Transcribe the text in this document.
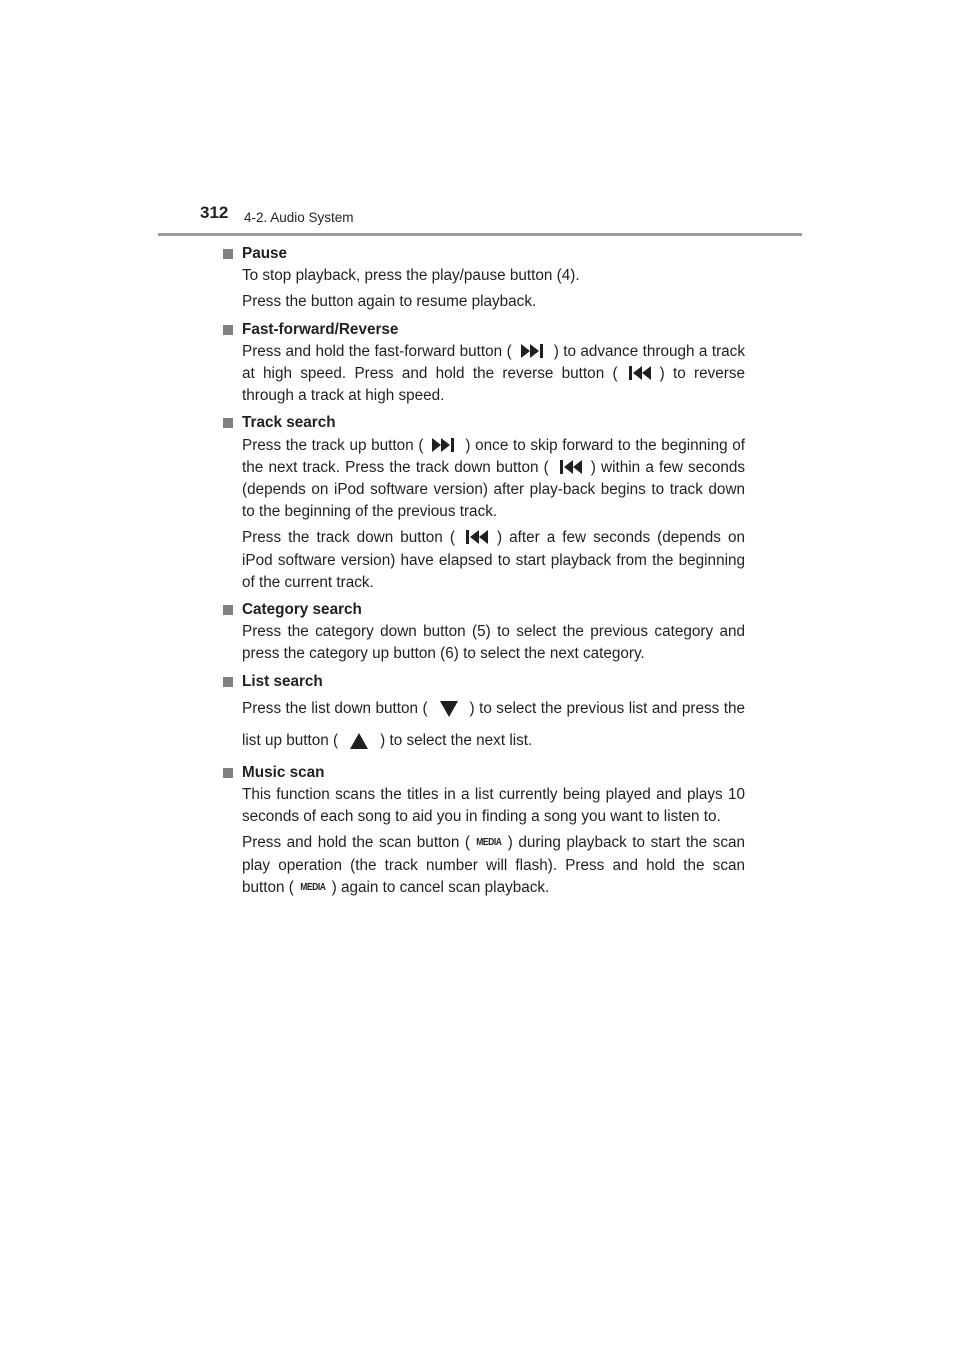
312 4-2. Audio System
Pause
To stop playback, press the play/pause button (4).
Press the button again to resume playback.
Fast-forward/Reverse
Press and hold the fast-forward button (	) to advance through a track at high speed. Press and hold the reverse button (	) to reverse through a track at high speed.
Track search
Press the track up button (	) once to skip forward to the beginning of the next track. Press the track down button (	) within a few seconds (depends on iPod software version) after play-back begins to track down to the beginning of the previous track.
Press the track down button (	) after a few seconds (depends on iPod software version) have elapsed to start playback from the beginning of the current track.
Category search
Press the category down button (5) to select the previous category and press the category up button (6) to select the next category.
List search
Press the list down button (	) to select the previous list and press the list up button (	) to select the next list.
Music scan
This function scans the titles in a list currently being played and plays 10 seconds of each song to aid you in finding a song you want to listen to.
Press and hold the scan button ( MEDIA ) during playback to start the scan play operation (the track number will flash). Press and hold the scan button ( MEDIA ) again to cancel scan playback.
